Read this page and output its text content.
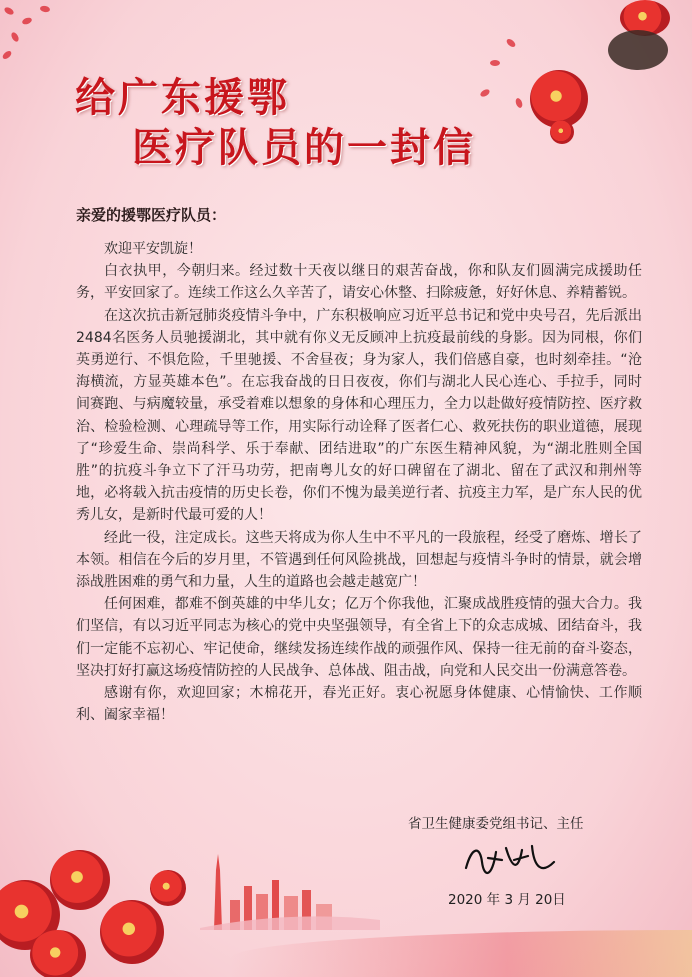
给广东援鄂
医疗队员的一封信
亲爱的援鄂医疗队员：

欢迎平安凯旋！

白衣执甲，今朝归来。经过数十天夜以继日的艰苦奋战，你和队友们圆满完成援助任务，平安回家了。连续工作这么久辛苦了，请安心休整、扫除疲惫，好好休息、养精蓄锐。

在这次抗击新冠肺炎疫情斗争中，广东积极响应习近平总书记和党中央号召，先后派出2484名医务人员驰援湖北，其中就有你义无反顾冲上抗疫最前线的身影。因为同根，你们英勇逆行、不惧危险，千里驰援、不舍昼夜；身为家人，我们倍感自豪，也时刻牵挂。“沧海横流，方显英雄本色”。在忘我奋战的日日夜夜，你们与湖北人民心连心、手拉手，同时间赛跑、与病魔较量，承受着难以想象的身体和心理压力，全力以赴做好疫情防控、医疗救治、检验检测、心理疏导等工作，用实际行动诠释了医者仁心、救死扶伤的职业道德，展现了“珍爱生命、崇尚科学、乐于奉献、团结进取”的广东医生精神风貌，为“湖北胜则全国胜”的抗疫斗争立下了汗马功劳，把南粤儿女的好口碑留在了湖北、留在了武汉和荆州等地，必将载入抗击疫情的历史长卷，你们不愧为最美逆行者、抗疫主力军，是广东人民的优秀儿女，是新时代最可爱的人！

经此一役，注定成长。这些天将成为你人生中不平凡的一段旅程，经受了磨炼、增长了本领。相信在今后的岁月里，不管遇到任何风险挑战，回想起与疫情斗争时的情景，就会增添战胜困难的勇气和力量，人生的道路也会越走越宽广！

任何困难，都难不倒英雄的中华儿女；亿万个你我他，汇聚成战胜疫情的强大合力。我们坚信，有以习近平同志为核心的党中央坚强领导，有全省上下的众志成城、团结奋斗，我们一定能不忘初心、牢记使命，继续发扬连续作战的顽强作风、保持一往无前的奋斗姿态，坚决打好打赢这场疫情防控的人民战争、总体战、阻击战，向党和人民交出一份满意答卷。

感谢有你，欢迎回家；木棉花开，春光正好。衷心祝愿身体健康、心情愉快、工作顺利、阖家幸福！

省卫生健康委党组书记、主任
2020 年 3 月 20日
